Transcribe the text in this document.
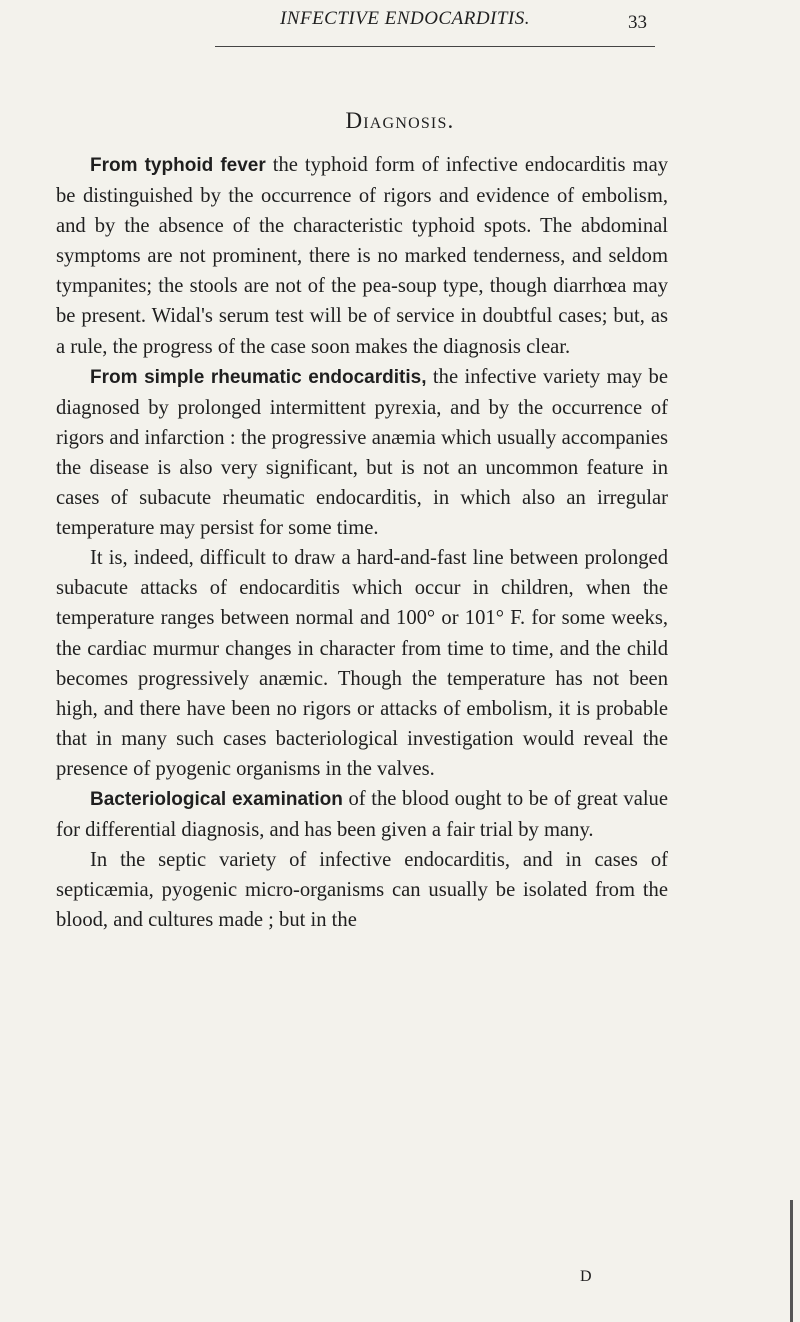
INFECTIVE ENDOCARDITIS.	33
Diagnosis.

From typhoid fever the typhoid form of infective endocarditis may be distinguished by the occurrence of rigors and evidence of embolism, and by the absence of the characteristic typhoid spots. The abdominal symptoms are not prominent, there is no marked tenderness, and seldom tympanites; the stools are not of the pea-soup type, though diarrhœa may be present. Widal's serum test will be of service in doubtful cases; but, as a rule, the progress of the case soon makes the diagnosis clear.

From simple rheumatic endocarditis, the infective variety may be diagnosed by prolonged intermittent pyrexia, and by the occurrence of rigors and infarction : the progressive anæmia which usually accompanies the disease is also very significant, but is not an uncommon feature in cases of subacute rheumatic endocarditis, in which also an irregular temperature may persist for some time.

It is, indeed, difficult to draw a hard-and-fast line between prolonged subacute attacks of endocarditis which occur in children, when the temperature ranges between normal and 100° or 101° F. for some weeks, the cardiac murmur changes in character from time to time, and the child becomes progressively anæmic. Though the temperature has not been high, and there have been no rigors or attacks of embolism, it is probable that in many such cases bacteriological investigation would reveal the presence of pyogenic organisms in the valves.

Bacteriological examination of the blood ought to be of great value for differential diagnosis, and has been given a fair trial by many.

In the septic variety of infective endocarditis, and in cases of septicæmia, pyogenic micro-organisms can usually be isolated from the blood, and cultures made ; but in the

D
